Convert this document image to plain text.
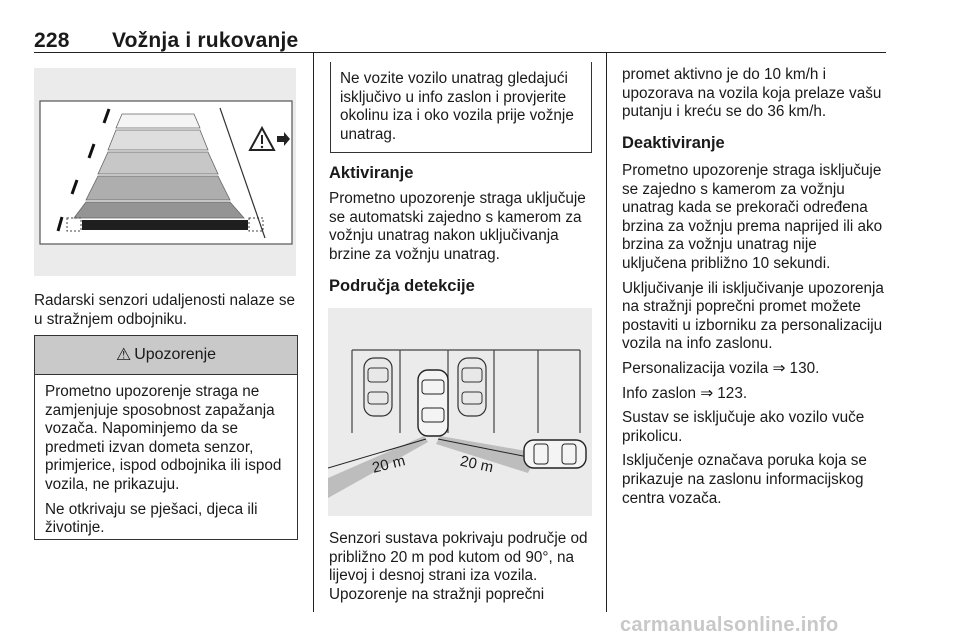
228 Vožnja i rukovanje
Radarski senzori udaljenosti nalaze se u stražnjem odbojniku.
⚠ Upozorenje

Prometno upozorenje straga ne zamjenjuje sposobnost zapažanja vozača. Napominjemo da se predmeti izvan dometa senzor, primjerice, ispod odbojnika ili ispod vozila, ne prikazuju.

Ne otkrivaju se pješaci, djeca ili životinje.

Ne vozite vozilo unatrag gledajući isključivo u info zaslon i provjerite okolinu iza i oko vozila prije vožnje unatrag.
Aktiviranje
Prometno upozorenje straga uključuje se automatski zajedno s kamerom za vožnju unatrag nakon uključivanja brzine za vožnju unatrag.
Područja detekcije
20 m	20 m
Senzori sustava pokrivaju područje od približno 20 m pod kutom od 90°, na lijevoj i desnoj strani iza vozila. Upozorenje na stražnji poprečni
promet aktivno je do 10 km/h i upozorava na vozila koja prelaze vašu putanju i kreću se do 36 km/h.
Deaktiviranje

Prometno upozorenje straga isključuje se zajedno s kamerom za vožnju unatrag kada se prekorači određena brzina za vožnju prema naprijed ili ako brzina za vožnju unatrag nije uključena približno 10 sekundi.

Uključivanje ili isključivanje upozorenja na stražnji poprečni promet možete postaviti u izborniku za personalizaciju vozila na info zaslonu.

Personalizacija vozila ⇒ 130.

Info zaslon ⇒ 123.

Sustav se isključuje ako vozilo vuče prikolicu.

Isključenje označava poruka koja se prikazuje na zaslonu informacijskog centra vozača.

carmanualsonline.info
